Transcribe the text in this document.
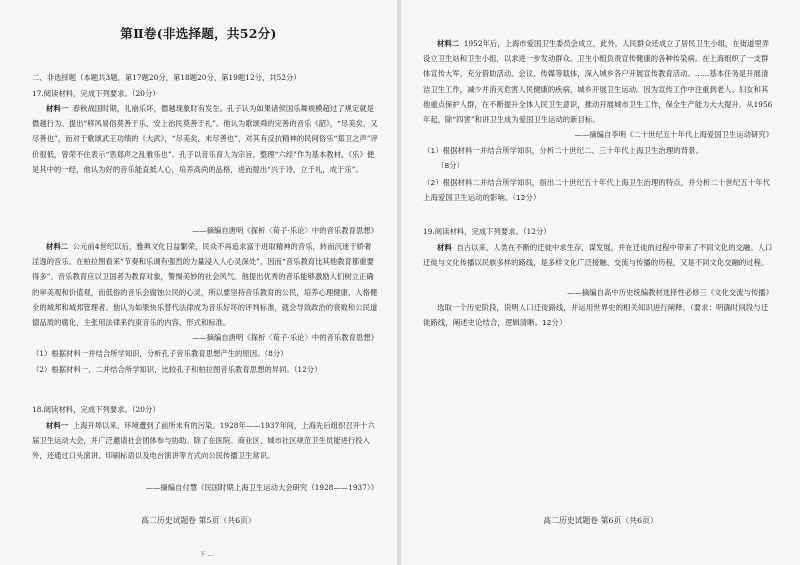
第Ⅱ卷(非选择题，共52分)
二、非选择题（本题共3题，第17题20分，第18题20分，第19题12分，共52分）
17.阅读材料，完成下列要求。（20分）

材料一 春秋战国时期，礼崩乐坏，僭越现象时有发生。孔子认为如果诸侯国乐舞规模超过了规定就是僭越行为。提出“移风易俗莫善于乐、安上治民莫善于礼”。他认为歌颂舜的完善的音乐《韶》，“尽美矣，又尽善也”，而对于歌颂武王功绩的《大武》，“尽美矣，未尽善也”，对其有反抗精神的民间俗乐“郑卫之声”评价很低，曾荣不住表示“恶郑声之乱雅乐也”。孔子以音乐育人为宗旨，整理“六经”作为基本教材，《乐》便是其中的一经，他认为好的音乐能直抵人心，培养高尚的品格，进而提出“兴于诗，立于礼，成于乐”。

——摘编自唐明《探析〈荀子·乐论〉中的音乐教育思想》

材料二 公元前4世纪以后，雅典文化日益繁荣，民众不再追求富于进取精神的音乐，转而沉迷于娇奢淫逸的音乐。在柏拉图看来“节奏和乐调有强烈的力量浸入人心灵深处”，因而“音乐教育比其他教育都重要得多”。音乐教育应以卫国者为教育对象，警惕美妙的社会风气。他提出优秀的音乐能够激励人们树立正确的审美观和价值观，而低俗的音乐会腐蚀公民的心灵，所以要坚持音乐教育的公民，培养心理健康、人格健全的城邦和城邦管理者。他认为如果快乐替代法律成为音乐好坏的评判标准，就会导致政治的衰败和公民道德品质的腐化，主张用法律来约束音乐的内容、形式和标准。

——摘编自唐明《探析〈荀子·乐论〉中的音乐教育思想》
（1）根据材料一并结合所学知识，分析孔子音乐教育思想产生的原因。（8分）
（2）根据材料一、二并结合所学知识，比较孔子和柏拉图音乐教育思想的异同。（12分）
18.阅读材料，完成下列要求。（20分）

材料一 上海开埠以来，环境遭到了前所未有的污染。1928年——1937年间，上海先后组织召开十六届卫生运动大会，并广泛邀请社会团体参与协助。除了在医院、商业区、城市社区规范卫生员能进行投入外，还通过口头演讲、印刷标语以及电台演讲等方式向公民传播卫生常识。

——摘编自付慧《民国时期上海卫生运动大会研究（1928——1937）》
高二历史试题卷 第5页（共6页）
下 ...

材料二 1952年后，上海市爱国卫生委员会成立，此外，人民群众还成立了居民卫生小组，在街道里弄设立卫生站和卫生小组，以求进一步发动群众。卫生小组负责宣传健康的各种传染病。在上海组织了一支群体宣传大军，充分借助活动、会议、传媒等载体，深入城乡各户开展宣传教育活动。……基本任务是开展清洁卫生工作，减少并消灭危害人民健康的疾病，城乡开展卫生运动。因为宣传工作中注重到老人、妇女和其他重点保护人群，在不断提升全体人民卫生意识，推动开展城市卫生工作，保全生产能力大大提升。从1956年起，除“四害”和讲卫生成为爱国卫生运动的新目标。

——摘编自李明《二十世纪五十年代上海爱国卫生运动研究》

（1）根据材料一并结合所学知识，分析二十世纪二、三十年代上海卫生治理的背景。

（8分）

（2）根据材料二并结合所学知识，指出二十世纪五十年代上海卫生治理的特点，并分析二十世纪五十年代上海爱国卫生运动的影响。（12分）

19.阅读材料，完成下列要求。（12分）

材料 自古以来，人类在不断的迁徙中求生存，谋发展，并在迁徙的过程中带来了不同文化的交融。人口迁徙与文化传播以民族多样的路线，是多样文化广泛接触、交流与传播的历程，又是不同文化交融的过程。

——摘编自高中历史统编教材选择性必修三《文化交流与传播》

选取一个历史阶段，说明人口迁徙路线，并运用世界史的相关知识进行阐释。（要求：明确时间段与迁徙路线，阐述史论结合，逻辑清晰。12分）

高二历史试题卷 第6页（共6页）
